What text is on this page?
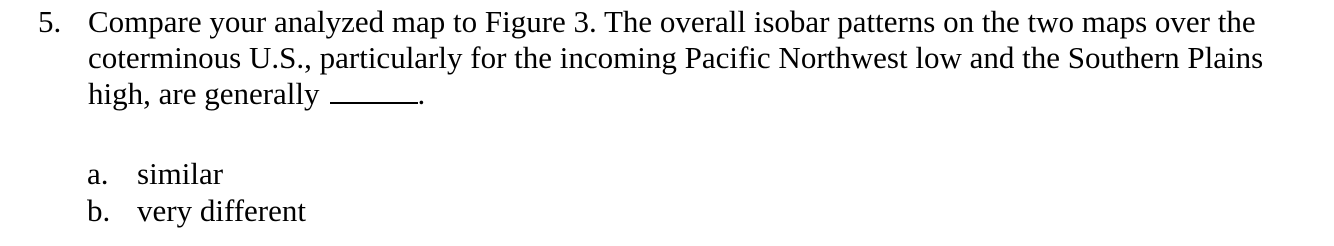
5. Compare your analyzed map to Figure 3. The overall isobar patterns on the two maps over the coterminous U.S., particularly for the incoming Pacific Northwest low and the Southern Plains high, are generally	.
a. similar
b. very different
